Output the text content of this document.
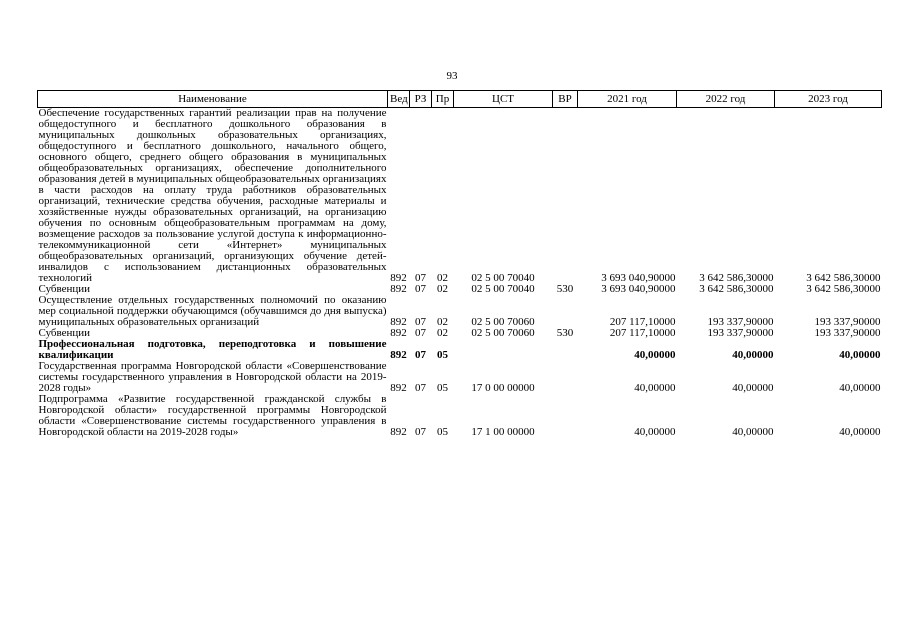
93
Наименование	Вед	РЗ	Пр	ЦСТ	ВР	2021 год	2022 год	2023 год
Обеспечение государственных гарантий реализации прав на получение общедоступного и бесплатного дошкольного образования в муниципальных дошкольных образовательных организациях, общедоступного и бесплатного дошкольного, начального общего, основного общего, среднего общего образования в муниципальных общеобразовательных организациях, обеспечение дополнительного образования детей в муниципальных общеобразовательных организациях в части расходов на оплату труда работников образовательных организаций, технические средства обучения, расходные материалы и хозяйственные нужды образовательных организаций, на организацию обучения по основным общеобразовательным программам на дому, возмещение расходов за пользование услугой доступа к информационно-телекоммуникационной сети «Интернет» муниципальных общеобразовательных организаций, организующих обучение детей-инвалидов с использованием дистанционных образовательных технологий	892	07	02	02 5 00 70040		3 693 040,90000	3 642 586,30000	3 642 586,30000
Субвенции	892	07	02	02 5 00 70040	530	3 693 040,90000	3 642 586,30000	3 642 586,30000
Осуществление отдельных государственных полномочий по оказанию мер социальной поддержки обучающимся (обучавшимся до дня выпуска) муниципальных образовательных организаций	892	07	02	02 5 00 70060		207 117,10000	193 337,90000	193 337,90000
Субвенции	892	07	02	02 5 00 70060	530	207 117,10000	193 337,90000	193 337,90000
Профессиональная подготовка, переподготовка и повышение квалификации	892	07	05			40,00000	40,00000	40,00000
Государственная программа Новгородской области «Совершенствование системы государственного управления в Новгородской области на 2019-2028 годы»	892	07	05	17 0 00 00000		40,00000	40,00000	40,00000
Подпрограмма «Развитие государственной гражданской службы в Новгородской области» государственной программы Новгородской области «Совершенствование системы государственного управления в Новгородской области на 2019-2028 годы»	892	07	05	17 1 00 00000		40,00000	40,00000	40,00000
